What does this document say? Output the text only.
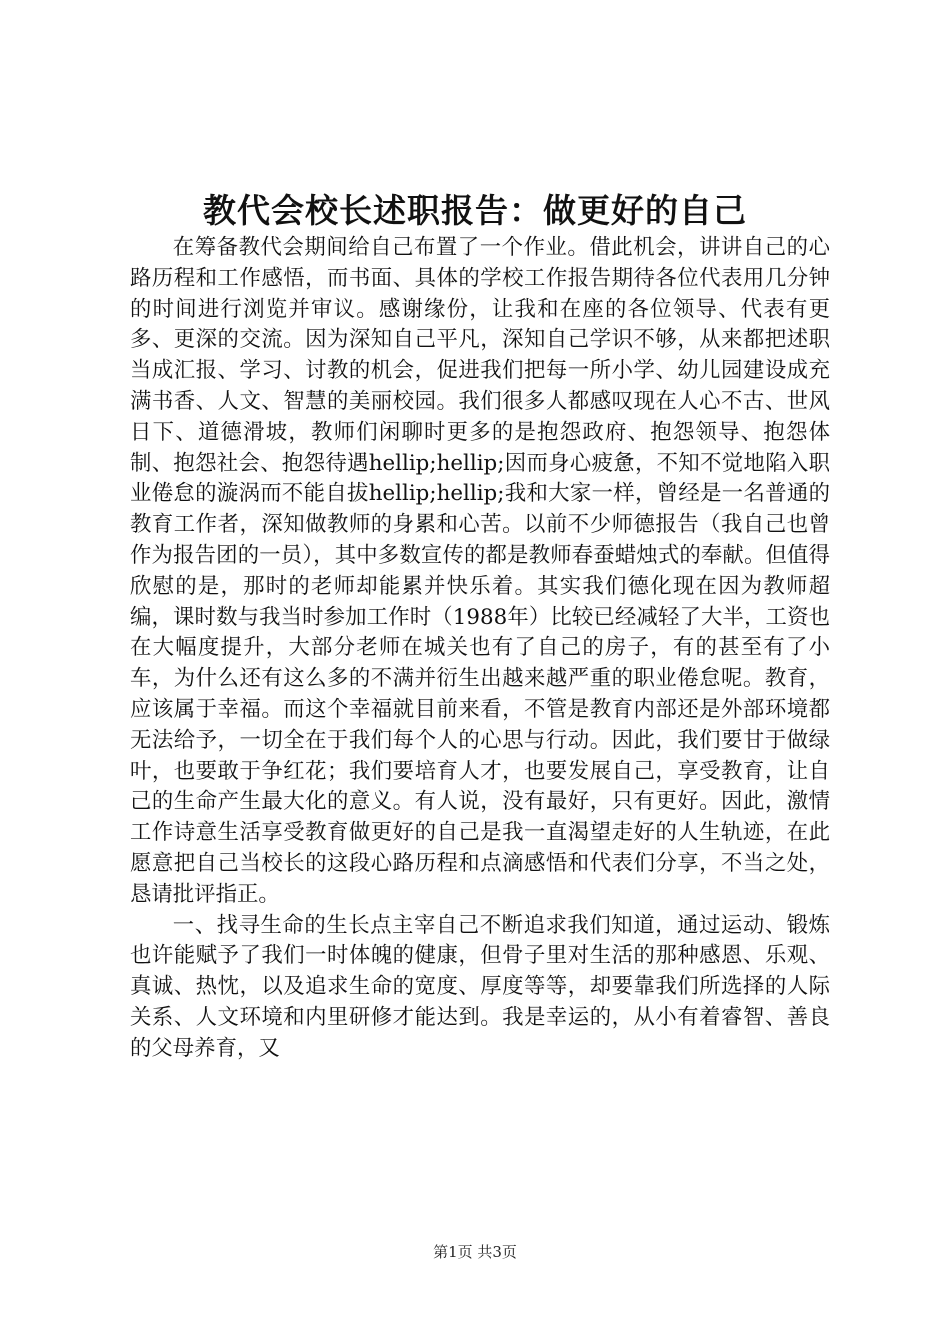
教代会校长述职报告：做更好的自己

在筹备教代会期间给自己布置了一个作业。借此机会，讲讲自己的心路历程和工作感悟，而书面、具体的学校工作报告期待各位代表用几分钟的时间进行浏览并审议。感谢缘份，让我和在座的各位领导、代表有更多、更深的交流。因为深知自己平凡，深知自己学识不够，从来都把述职当成汇报、学习、讨教的机会，促进我们把每一所小学、幼儿园建设成充满书香、人文、智慧的美丽校园。我们很多人都感叹现在人心不古、世风日下、道德滑坡，教师们闲聊时更多的是抱怨政府、抱怨领导、抱怨体制、抱怨社会、抱怨待遇hellip;hellip;因而身心疲惫，不知不觉地陷入职业倦怠的漩涡而不能自拔hellip;hellip;我和大家一样，曾经是一名普通的教育工作者，深知做教师的身累和心苦。以前不少师德报告（我自己也曾作为报告团的一员），其中多数宣传的都是教师春蚕蜡烛式的奉献。但值得欣慰的是，那时的老师却能累并快乐着。其实我们德化现在因为教师超编，课时数与我当时参加工作时（1988年）比较已经减轻了大半，工资也在大幅度提升，大部分老师在城关也有了自己的房子，有的甚至有了小车，为什么还有这么多的不满并衍生出越来越严重的职业倦怠呢。教育，应该属于幸福。而这个幸福就目前来看，不管是教育内部还是外部环境都无法给予，一切全在于我们每个人的心思与行动。因此，我们要甘于做绿叶，也要敢于争红花；我们要培育人才，也要发展自己，享受教育，让自己的生命产生最大化的意义。有人说，没有最好，只有更好。因此，激情工作诗意生活享受教育做更好的自己是我一直渴望走好的人生轨迹，在此愿意把自己当校长的这段心路历程和点滴感悟和代表们分享，不当之处，恳请批评指正。

一、找寻生命的生长点主宰自己不断追求我们知道，通过运动、锻炼也许能赋予了我们一时体魄的健康，但骨子里对生活的那种感恩、乐观、真诚、热忱，以及追求生命的宽度、厚度等等，却要靠我们所选择的人际关系、人文环境和内里研修才能达到。我是幸运的，从小有着睿智、善良的父母养育，又

第1页 共3页
